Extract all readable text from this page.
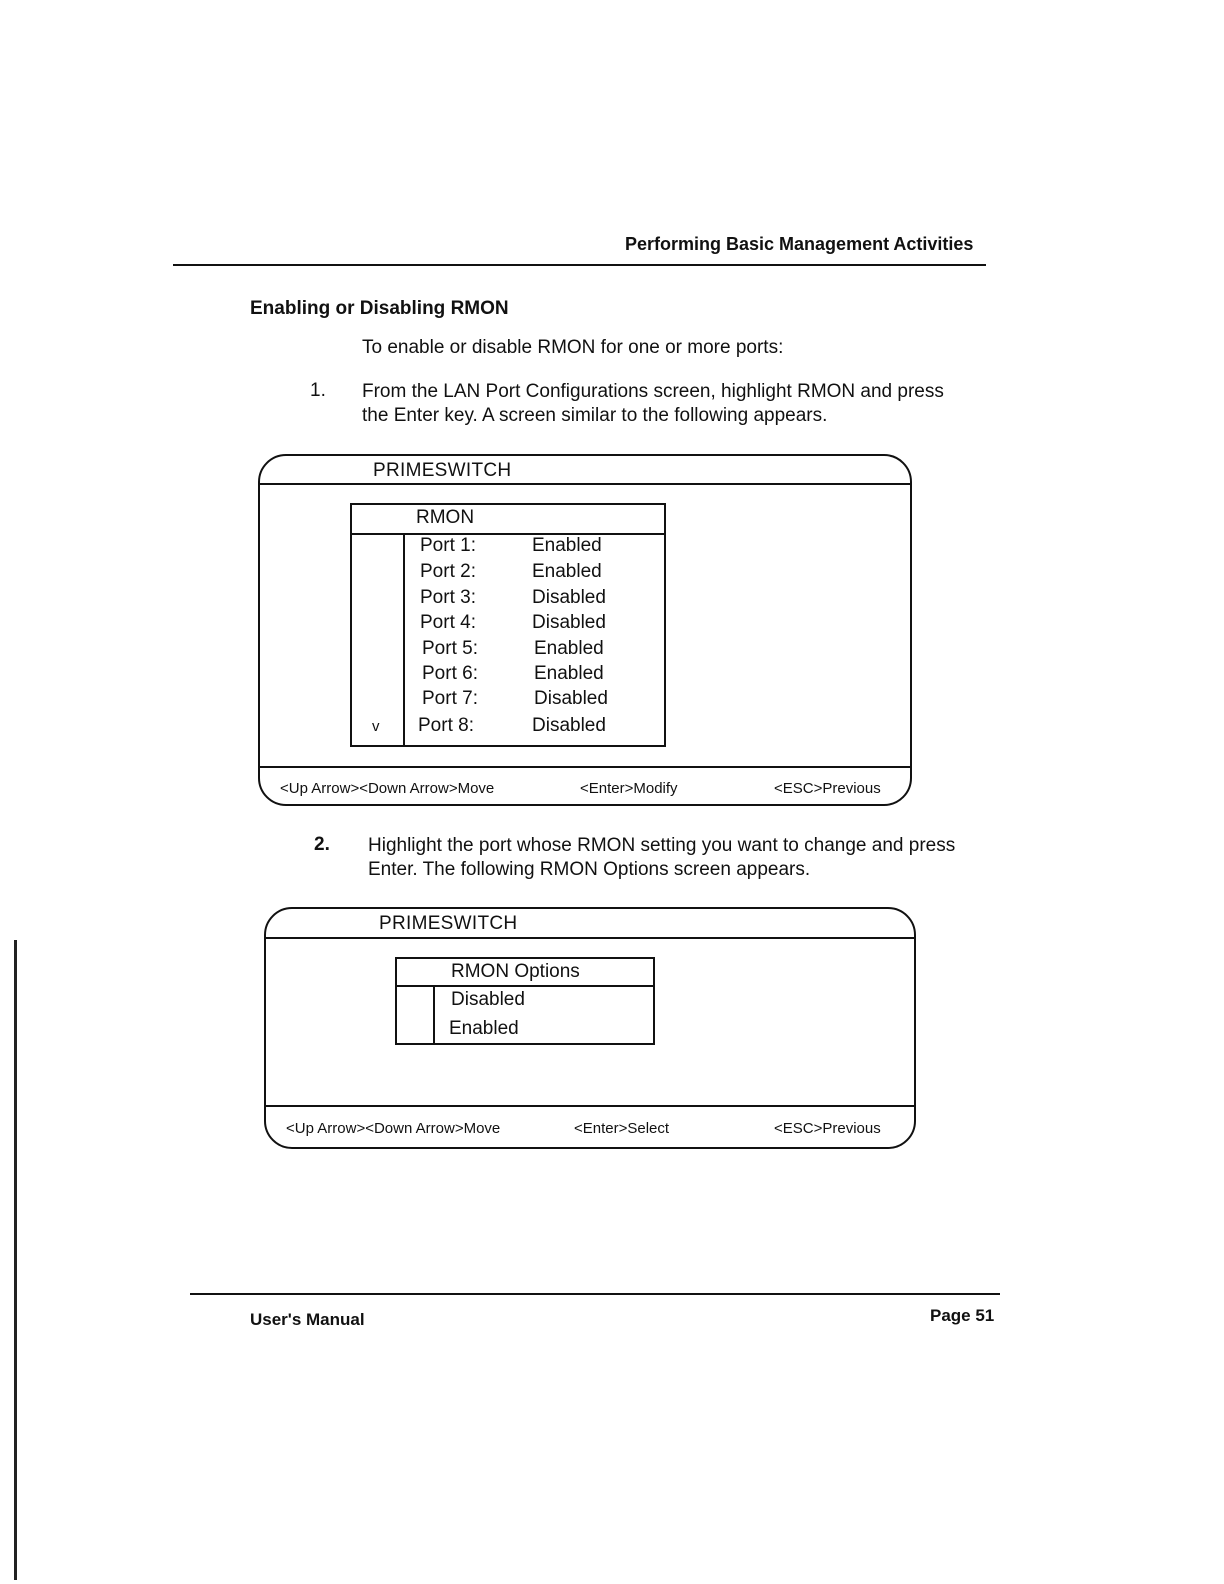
Performing Basic Management Activities
Enabling or Disabling RMON
To enable or disable RMON for one or more ports:
1. From the LAN Port Configurations screen, highlight RMON and press
the Enter key. A screen similar to the following appears.
PRIMESWITCH
RMON
Port 1:	Enabled
Port 2:	Enabled
Port 3:	Disabled
Port 4:	Disabled
Port 5:	Enabled
Port 6:	Enabled
Port 7:	Disabled
Port 8:	Disabled
v
<Up Arrow><Down Arrow>Move	<Enter>Modify	<ESC>Previous
2. Highlight the port whose RMON setting you want to change and press
Enter. The following RMON Options screen appears.
PRIMESWITCH
RMON Options
Disabled
Enabled
<Up Arrow><Down Arrow>Move	<Enter>Select	<ESC>Previous
User's Manual	Page 51
